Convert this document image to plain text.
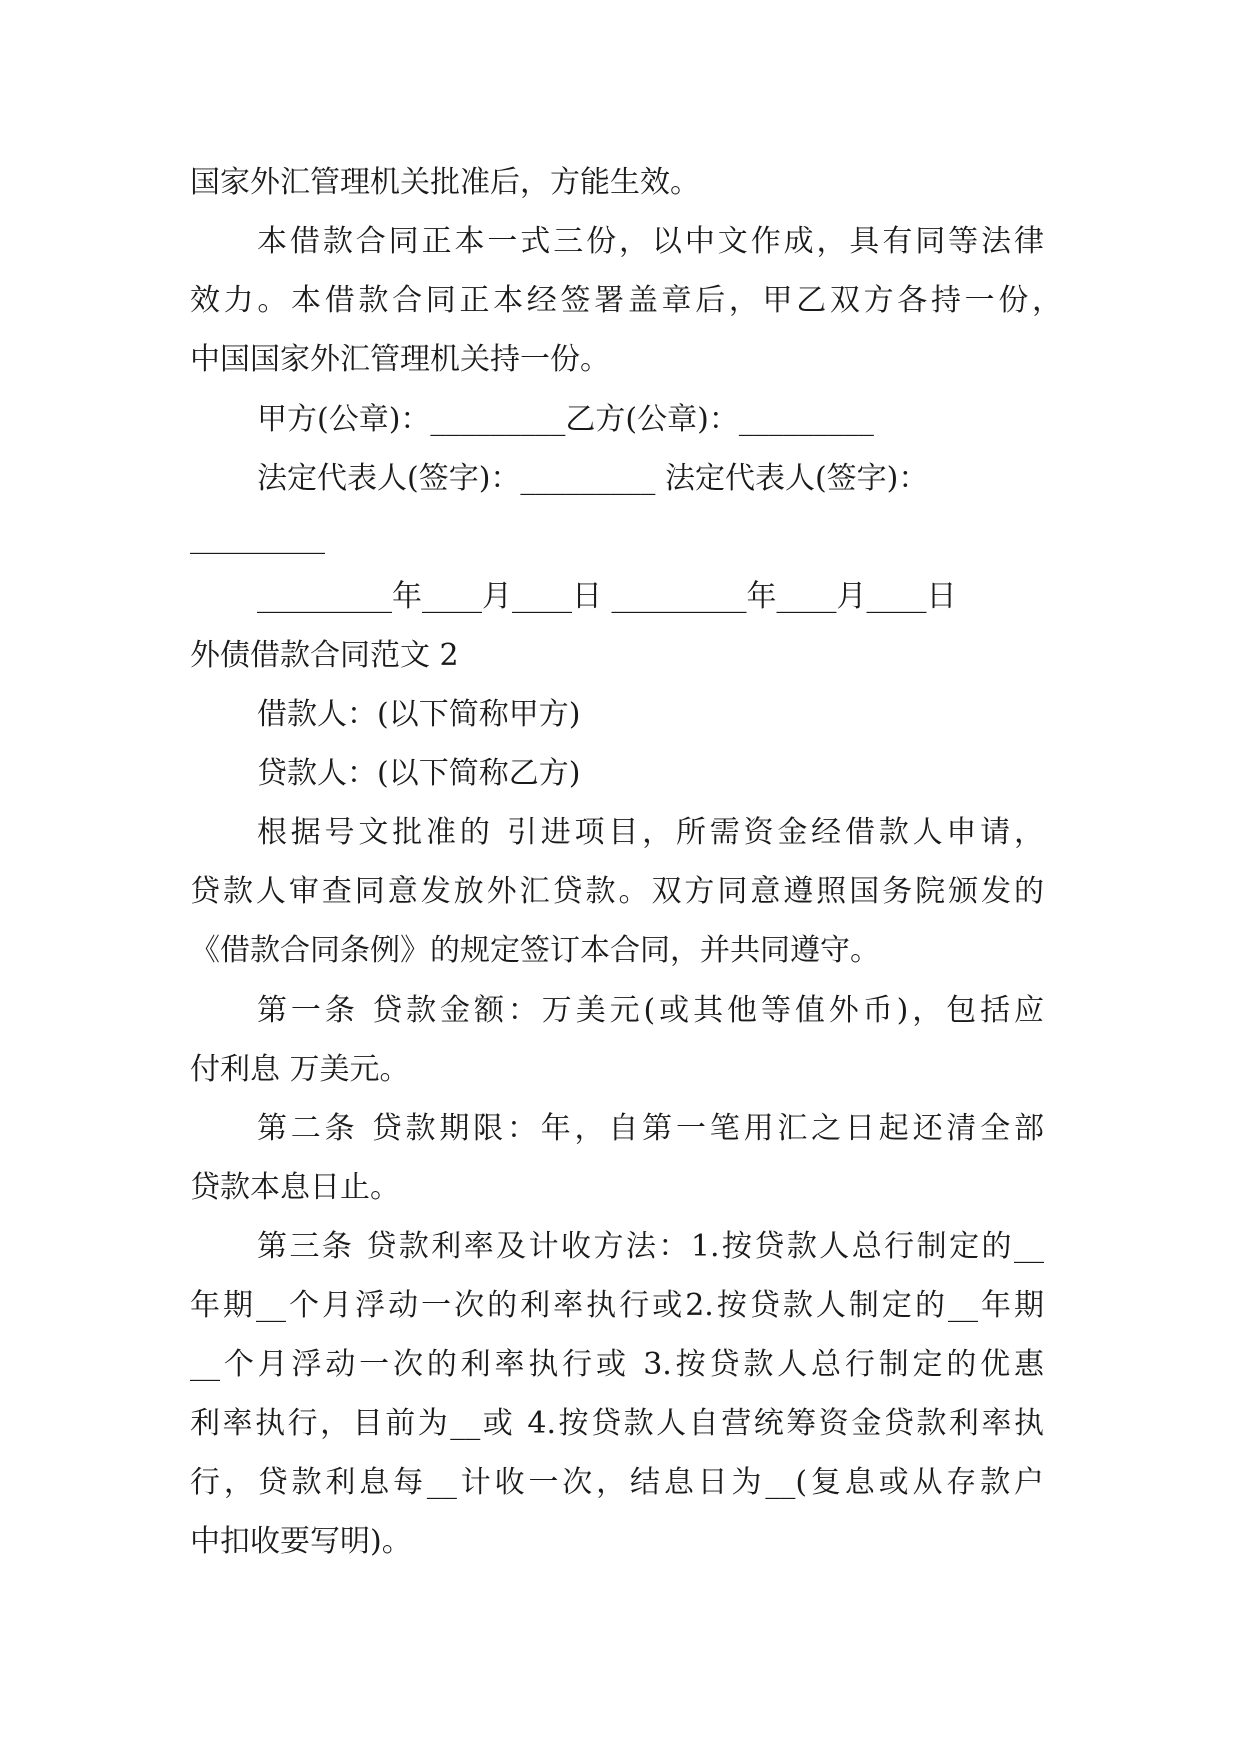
国家外汇管理机关批准后，方能生效。
本借款合同正本一式三份，以中文作成，具有同等法律
效力。本借款合同正本经签署盖章后，甲乙双方各持一份，
中国国家外汇管理机关持一份。
甲方(公章)：_________乙方(公章)：_________
法定代表人(签字)：_________ 法定代表人(签字)：
_________
_________年____月____日 _________年____月____日
外债借款合同范文 2
借款人：(以下简称甲方)
贷款人：(以下简称乙方)
根据号文批准的 引进项目，所需资金经借款人申请，
贷款人审查同意发放外汇贷款。双方同意遵照国务院颁发的
《借款合同条例》的规定签订本合同，并共同遵守。
第一条 贷款金额：万美元(或其他等值外币)，包括应
付利息 万美元。
第二条 贷款期限：年，自第一笔用汇之日起还清全部
贷款本息日止。
第三条 贷款利率及计收方法：1.按贷款人总行制定的__
年期__个月浮动一次的利率执行或2.按贷款人制定的__年期
__个月浮动一次的利率执行或 3.按贷款人总行制定的优惠
利率执行，目前为__或 4.按贷款人自营统筹资金贷款利率执
行，贷款利息每__计收一次，结息日为__(复息或从存款户
中扣收要写明)。
